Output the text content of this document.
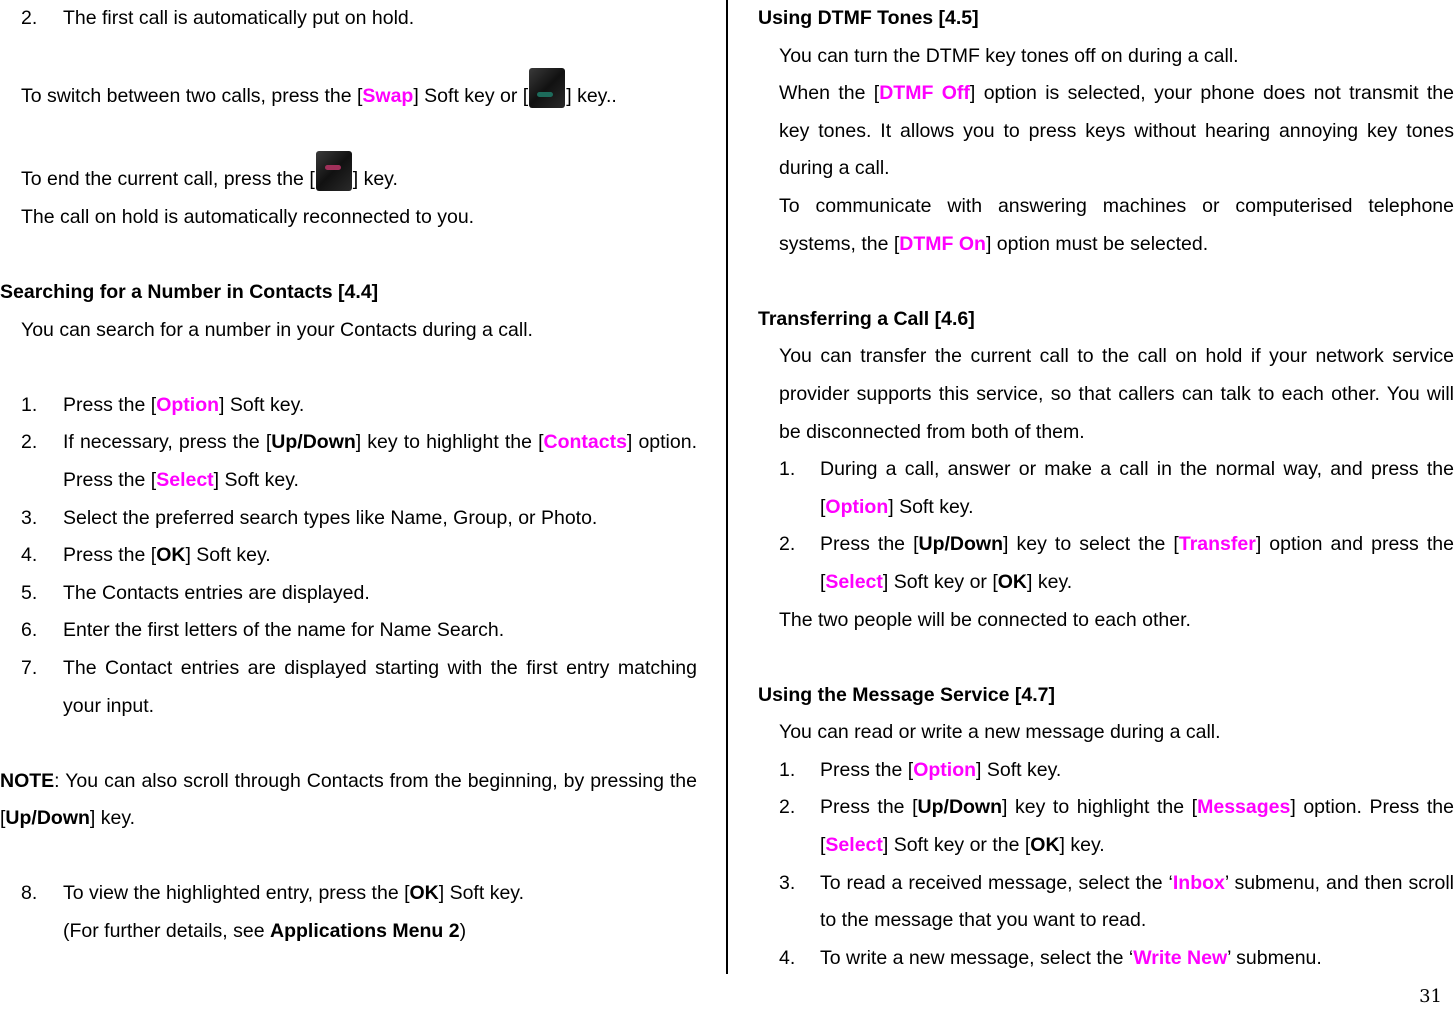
2. The first call is automatically put on hold.

To switch between two calls, press the [Swap] Soft key or [ ] key..

To end the current call, press the [ ] key.

The call on hold is automatically reconnected to you.

Searching for a Number in Contacts [4.4]

You can search for a number in your Contacts during a call.

1. Press the [Option] Soft key.

2. If necessary, press the [Up/Down] key to highlight the [Contacts] option. Press the [Select] Soft key.

3. Select the preferred search types like Name, Group, or Photo.

4. Press the [OK] Soft key.

5. The Contacts entries are displayed.

6. Enter the first letters of the name for Name Search.

7. The Contact entries are displayed starting with the first entry matching your input.

NOTE: You can also scroll through Contacts from the beginning, by pressing the [Up/Down] key.

8. To view the highlighted entry, press the [OK] Soft key.
(For further details, see Applications Menu 2)

Using DTMF Tones [4.5]

You can turn the DTMF key tones off on during a call.

When the [DTMF Off] option is selected, your phone does not transmit the key tones. It allows you to press keys without hearing annoying key tones during a call.

To communicate with answering machines or computerised telephone systems, the [DTMF On] option must be selected.

Transferring a Call [4.6]

You can transfer the current call to the call on hold if your network service provider supports this service, so that callers can talk to each other. You will be disconnected from both of them.

1. During a call, answer or make a call in the normal way, and press the [Option] Soft key.

2. Press the [Up/Down] key to select the [Transfer] option and press the [Select] Soft key or [OK] key.

The two people will be connected to each other.

Using the Message Service [4.7]

You can read or write a new message during a call.

1. Press the [Option] Soft key.

2. Press the [Up/Down] key to highlight the [Messages] option. Press the [Select] Soft key or the [OK] key.

3. To read a received message, select the ‘Inbox’ submenu, and then scroll to the message that you want to read.

4. To write a new message, select the ‘Write New’ submenu.

31
